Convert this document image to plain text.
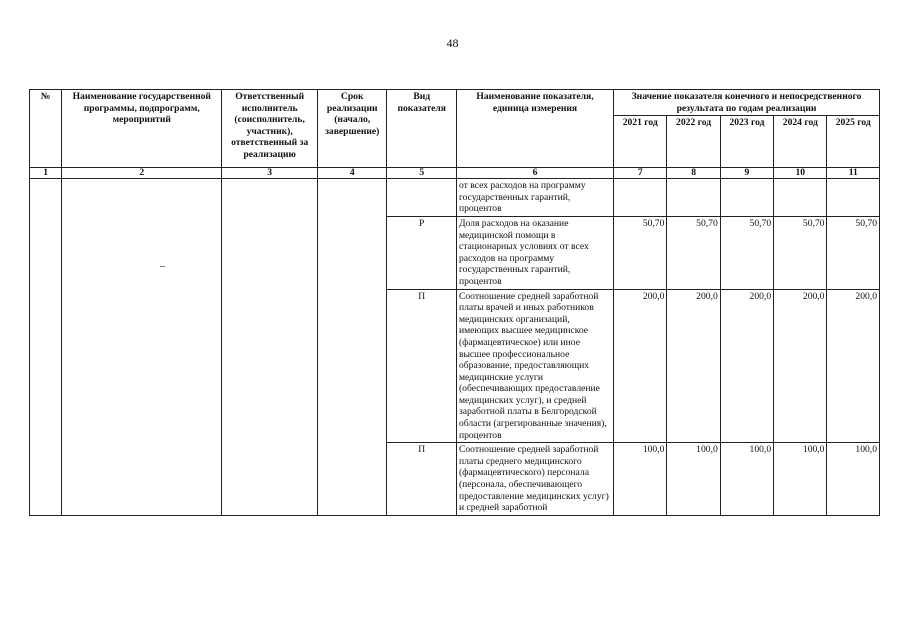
48
№	Наименование государственной программы, подпрограмм, мероприятий	Ответственный исполнитель (соисполнитель, участник), ответственный за реализацию	Срок реализации (начало, завершение)	Вид показателя	Наименование показателя, единица измерения	Значение показателя конечного и непосредственного результата по годам реализации				
						2021 год	2022 год	2023 год	2024 год	2025 год
1	2	3	4	5	6	7	8	9	10	11
					от всех расходов на программу государственных гарантий, процентов					
				Р	Доля расходов на оказание медицинской помощи в стационарных условиях от всех расходов на программу государственных гарантий, процентов	50,70	50,70	50,70	50,70	50,70
				П	Соотношение средней заработной платы врачей и иных работников медицинских организаций, имеющих высшее медицинское (фармацевтическое) или иное высшее профессиональное образование, предоставляющих медицинские услуги (обеспечивающих предоставление медицинских услуг), и средней заработной платы в Белгородской области (агрегированные значения), процентов	200,0	200,0	200,0	200,0	200,0
				П	Соотношение средней заработной платы среднего медицинского (фармацевтического) персонала (персонала, обеспечивающего предоставление медицинских услуг) и средней заработной	100,0	100,0	100,0	100,0	100,0
